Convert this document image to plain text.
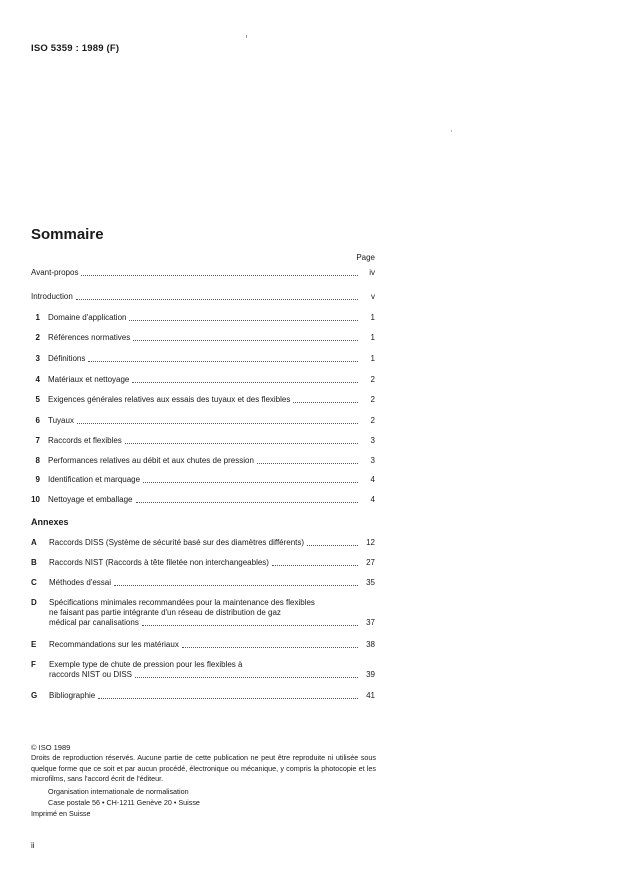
ISO 5359 : 1989 (F)
Sommaire
Page
Avant-propos	iv
Introduction	v
1 Domaine d'application	1
2 Références normatives	1
3 Définitions	1
4 Matériaux et nettoyage	2
5 Exigences générales relatives aux essais des tuyaux et des flexibles	2
6 Tuyaux	2
7 Raccords et flexibles	3
8 Performances relatives au débit et aux chutes de pression	3
9 Identification et marquage	4
10 Nettoyage et emballage	4
Annexes
A Raccords DISS (Système de sécurité basé sur des diamètres différents)	12
B Raccords NIST (Raccords à tête filetée non interchangeables)	27
C Méthodes d'essai	35
D Spécifications minimales recommandées pour la maintenance des flexibles
ne faisant pas partie intégrante d'un réseau de distribution de gaz
médical par canalisations	37
E Recommandations sur les matériaux	38
F Exemple type de chute de pression pour les flexibles à
raccords NIST ou DISS	39
G Bibliographie	41
© ISO 1989
Droits de reproduction réservés. Aucune partie de cette publication ne peut être reproduite ni utilisée sous quelque forme que ce soit et par aucun procédé, électronique ou mécanique, y compris la photocopie et les microfilms, sans l'accord écrit de l'éditeur.
Organisation internationale de normalisation
Case postale 56 • CH-1211 Genève 20 • Suisse
Imprimé en Suisse
ii
